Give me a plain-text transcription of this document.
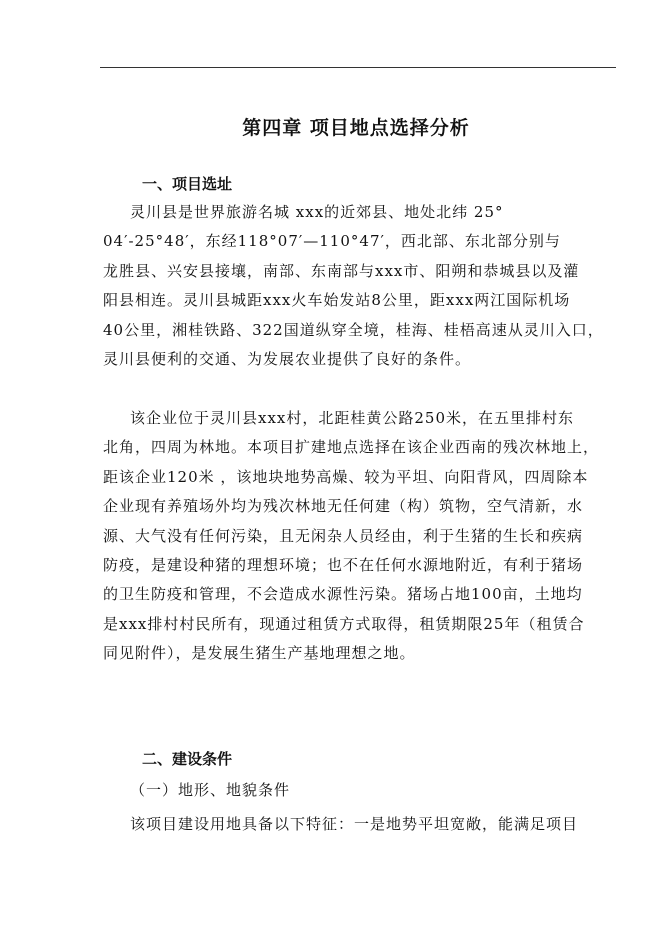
第四章 项目地点选择分析
一、项目选址
灵川县是世界旅游名城 xxx的近郊县、地处北纬 25°
04′-25°48′，东经118°07′—110°47′，西北部、东北部分别与
龙胜县、兴安县接壤，南部、东南部与xxx市、阳朔和恭城县以及灌
阳县相连。灵川县城距xxx火车始发站8公里，距xxx两江国际机场
40公里，湘桂铁路、322国道纵穿全境，桂海、桂梧高速从灵川入口，
灵川县便利的交通、为发展农业提供了良好的条件。
该企业位于灵川县xxx村，北距桂黄公路250米，在五里排村东
北角，四周为林地。本项目扩建地点选择在该企业西南的残次林地上，
距该企业120米 ，该地块地势高燥、较为平坦、向阳背风，四周除本
企业现有养殖场外均为残次林地无任何建（构）筑物，空气清新，水
源、大气没有任何污染，且无闲杂人员经由，利于生猪的生长和疾病
防疫，是建设种猪的理想环境；也不在任何水源地附近，有利于猪场
的卫生防疫和管理，不会造成水源性污染。猪场占地100亩，土地均
是xxx排村村民所有，现通过租赁方式取得，租赁期限25年（租赁合
同见附件），是发展生猪生产基地理想之地。
二、建设条件
（一）地形、地貌条件
该项目建设用地具备以下特征：一是地势平坦宽敞，能满足项目
